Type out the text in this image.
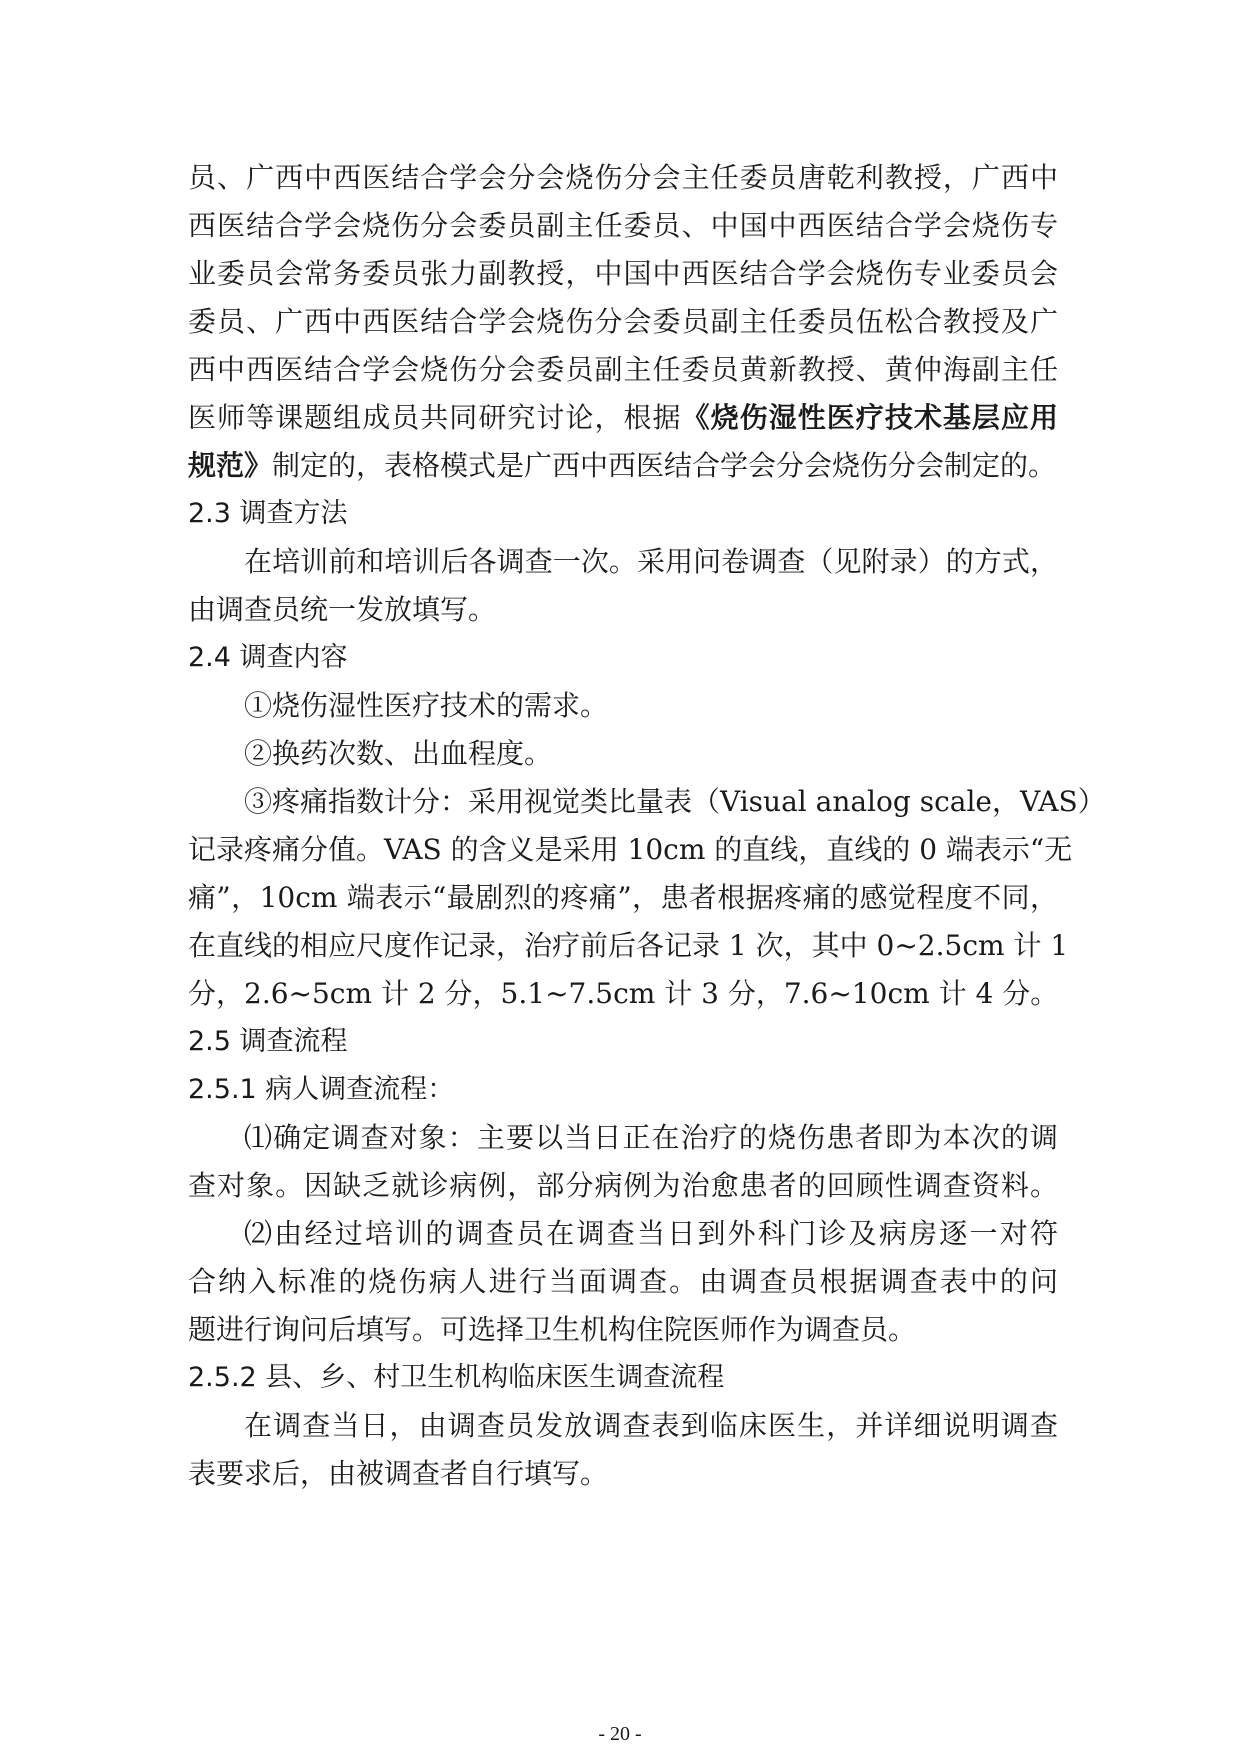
员、广西中西医结合学会分会烧伤分会主任委员唐乾利教授，广西中
西医结合学会烧伤分会委员副主任委员、中国中西医结合学会烧伤专
业委员会常务委员张力副教授，中国中西医结合学会烧伤专业委员会
委员、广西中西医结合学会烧伤分会委员副主任委员伍松合教授及广
西中西医结合学会烧伤分会委员副主任委员黄新教授、黄仲海副主任
医师等课题组成员共同研究讨论，根据《烧伤湿性医疗技术基层应用
规范》制定的，表格模式是广西中西医结合学会分会烧伤分会制定的。
2.3 调查方法
在培训前和培训后各调查一次。采用问卷调查（见附录）的方式，
由调查员统一发放填写。
2.4 调查内容
①烧伤湿性医疗技术的需求。
②换药次数、出血程度。
③疼痛指数计分：采用视觉类比量表（Visual analog scale，VAS）
记录疼痛分值。VAS 的含义是采用 10cm 的直线，直线的 0 端表示“无
痛”，10cm 端表示“最剧烈的疼痛”，患者根据疼痛的感觉程度不同，
在直线的相应尺度作记录，治疗前后各记录 1 次，其中 0~2.5cm 计 1
分，2.6~5cm 计 2 分，5.1~7.5cm 计 3 分，7.6~10cm 计 4 分。
2.5 调查流程
2.5.1 病人调查流程：
⑴确定调查对象：主要以当日正在治疗的烧伤患者即为本次的调
查对象。因缺乏就诊病例，部分病例为治愈患者的回顾性调查资料。
⑵由经过培训的调查员在调查当日到外科门诊及病房逐一对符
合纳入标准的烧伤病人进行当面调查。由调查员根据调查表中的问
题进行询问后填写。可选择卫生机构住院医师作为调查员。
2.5.2 县、乡、村卫生机构临床医生调查流程
在调查当日，由调查员发放调查表到临床医生，并详细说明调查
表要求后，由被调查者自行填写。
- 20 -
